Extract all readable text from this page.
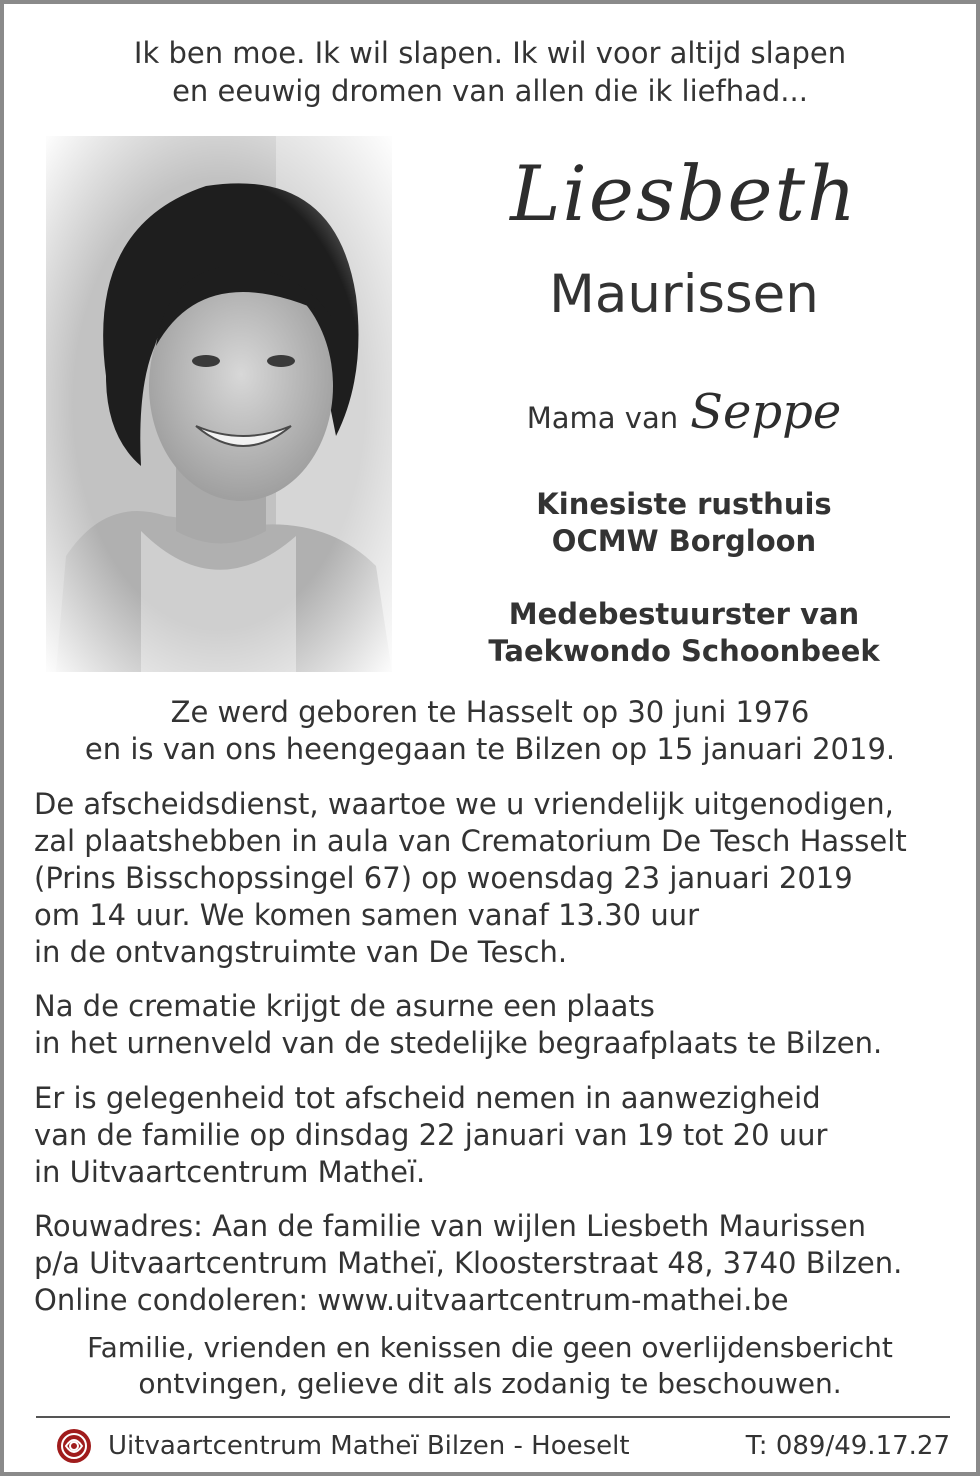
Ik ben moe. Ik wil slapen. Ik wil voor altijd slapen
en eeuwig dromen van allen die ik liefhad...
Liesbeth
Maurissen
Mama van Seppe
Kinesiste rusthuis
OCMW Borgloon
Medebestuurster van
Taekwondo Schoonbeek
Ze werd geboren te Hasselt op 30 juni 1976
en is van ons heengegaan te Bilzen op 15 januari 2019.
De afscheidsdienst, waartoe we u vriendelijk uitgenodigen,
zal plaatshebben in aula van Crematorium De Tesch Hasselt
(Prins Bisschopssingel 67) op woensdag 23 januari 2019
om 14 uur. We komen samen vanaf 13.30 uur
in de ontvangstruimte van De Tesch.
Na de crematie krijgt de asurne een plaats
in het urnenveld van de stedelijke begraafplaats te Bilzen.
Er is gelegenheid tot afscheid nemen in aanwezigheid
van de familie op dinsdag 22 januari van 19 tot 20 uur
in Uitvaartcentrum Matheï.
Rouwadres: Aan de familie van wijlen Liesbeth Maurissen
p/a Uitvaartcentrum Matheï, Kloosterstraat 48, 3740 Bilzen.
Online condoleren: www.uitvaartcentrum-mathei.be
Familie, vrienden en kenissen die geen overlijdensbericht
ontvingen, gelieve dit als zodanig te beschouwen.
Uitvaartcentrum Matheï Bilzen - Hoeselt	T: 089/49.17.27
